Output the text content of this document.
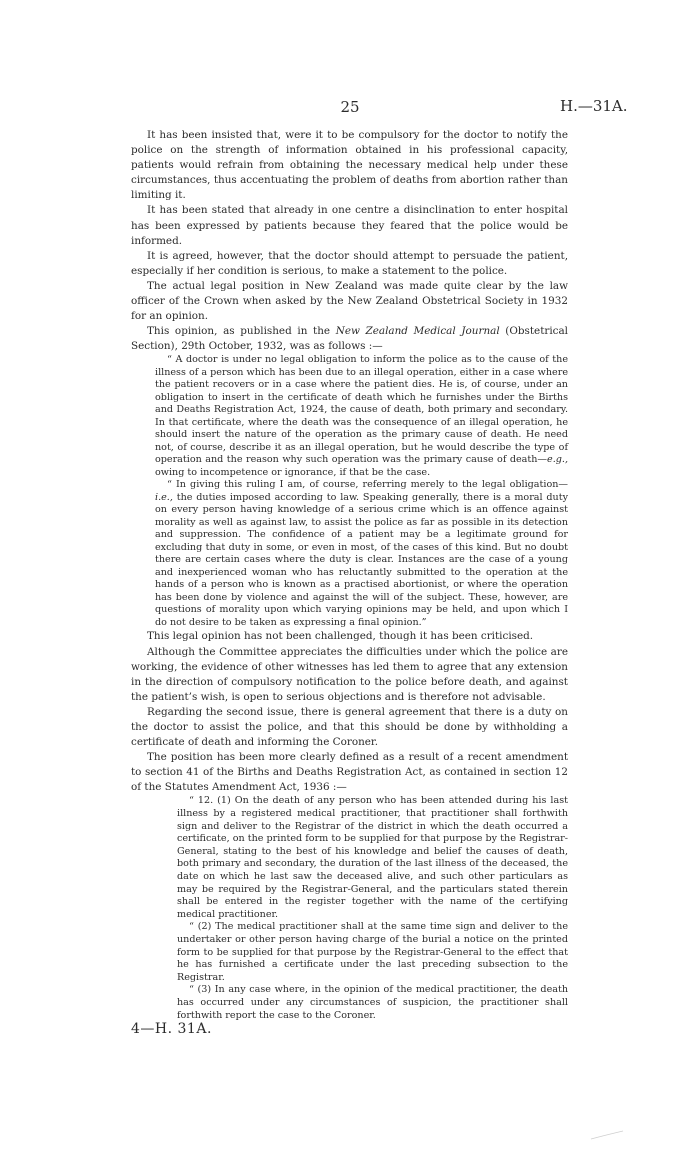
25	H.—31A.

It has been insisted that, were it to be compulsory for the doctor to notify the police on the strength of information obtained in his professional capacity, patients would refrain from obtaining the necessary medical help under these circumstances, thus accentuating the problem of deaths from abortion rather than limiting it.

It has been stated that already in one centre a disinclination to enter hospital has been expressed by patients because they feared that the police would be informed.

It is agreed, however, that the doctor should attempt to persuade the patient, especially if her condition is serious, to make a statement to the police.

The actual legal position in New Zealand was made quite clear by the law officer of the Crown when asked by the New Zealand Obstetrical Society in 1932 for an opinion.

This opinion, as published in the New Zealand Medical Journal (Obstetrical Section), 29th October, 1932, was as follows :—

“ A doctor is under no legal obligation to inform the police as to the cause of the illness of a person which has been due to an illegal operation, either in a case where the patient recovers or in a case where the patient dies. He is, of course, under an obligation to insert in the certificate of death which he furnishes under the Births and Deaths Registration Act, 1924, the cause of death, both primary and secondary. In that certificate, where the death was the consequence of an illegal operation, he should insert the nature of the operation as the primary cause of death. He need not, of course, describe it as an illegal operation, but he would describe the type of operation and the reason why such operation was the primary cause of death—e.g., owing to incompetence or ignorance, if that be the case.

“ In giving this ruling I am, of course, referring merely to the legal obligation—i.e., the duties imposed according to law. Speaking generally, there is a moral duty on every person having knowledge of a serious crime which is an offence against morality as well as against law, to assist the police as far as possible in its detection and suppression. The confidence of a patient may be a legitimate ground for excluding that duty in some, or even in most, of the cases of this kind. But no doubt there are certain cases where the duty is clear. Instances are the case of a young and inexperienced woman who has reluctantly submitted to the operation at the hands of a person who is known as a practised abortionist, or where the operation has been done by violence and against the will of the subject. These, however, are questions of morality upon which varying opinions may be held, and upon which I do not desire to be taken as expressing a final opinion.”

This legal opinion has not been challenged, though it has been criticised.

Although the Committee appreciates the difficulties under which the police are working, the evidence of other witnesses has led them to agree that any extension in the direction of compulsory notification to the police before death, and against the patient’s wish, is open to serious objections and is therefore not advisable.

Regarding the second issue, there is general agreement that there is a duty on the doctor to assist the police, and that this should be done by withholding a certificate of death and informing the Coroner.

The position has been more clearly defined as a result of a recent amendment to section 41 of the Births and Deaths Registration Act, as contained in section 12 of the Statutes Amendment Act, 1936 :—

“ 12. (1) On the death of any person who has been attended during his last illness by a registered medical practitioner, that practitioner shall forthwith sign and deliver to the Registrar of the district in which the death occurred a certificate, on the printed form to be supplied for that purpose by the Registrar-General, stating to the best of his knowledge and belief the causes of death, both primary and secondary, the duration of the last illness of the deceased, the date on which he last saw the deceased alive, and such other particulars as may be required by the Registrar-General, and the particulars stated therein shall be entered in the register together with the name of the certifying medical practitioner.

“ (2) The medical practitioner shall at the same time sign and deliver to the undertaker or other person having charge of the burial a notice on the printed form to be supplied for that purpose by the Registrar-General to the effect that he has furnished a certificate under the last preceding subsection to the Registrar.

“ (3) In any case where, in the opinion of the medical practitioner, the death has occurred under any circumstances of suspicion, the practitioner shall forthwith report the case to the Coroner.

4—H. 31A.
